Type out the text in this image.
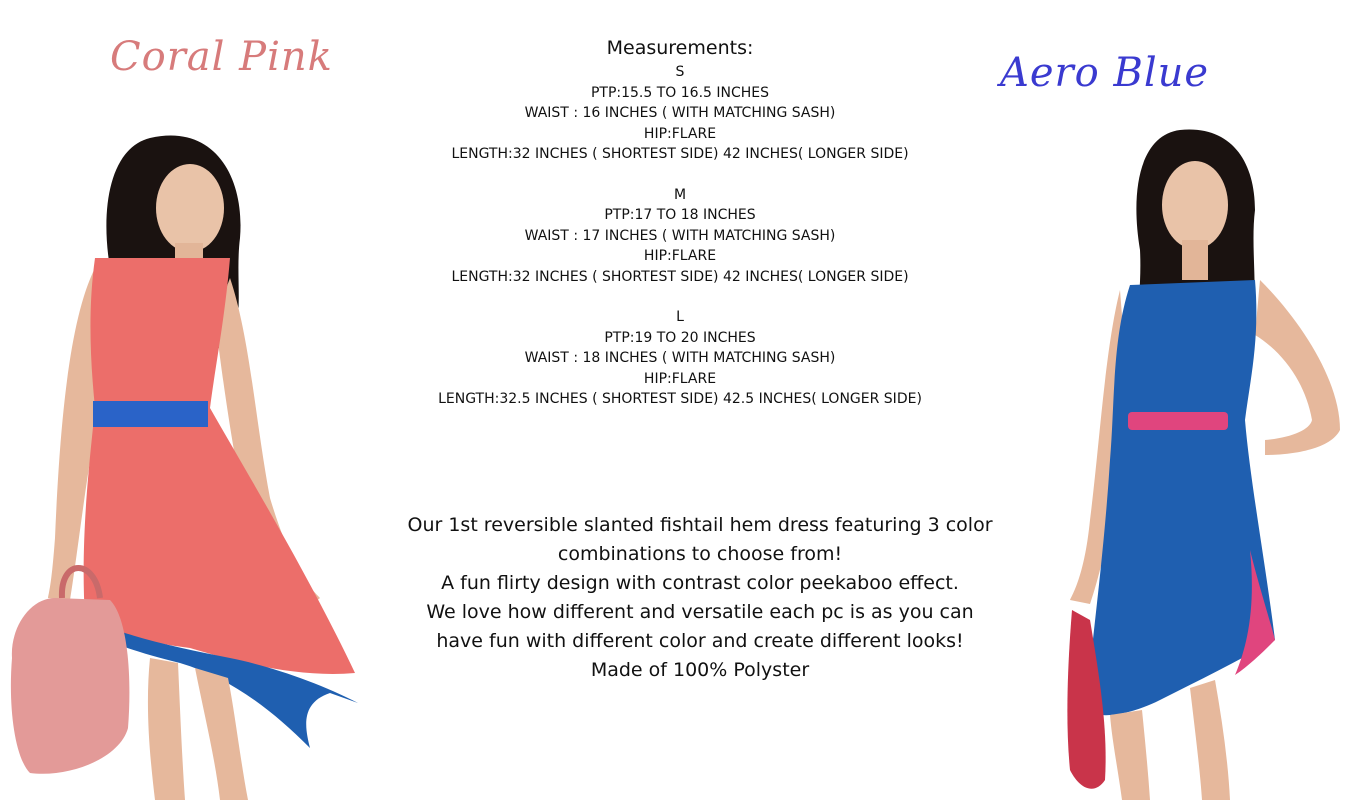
Coral Pink	Aero Blue
Measurements:
S
PTP:15.5 TO 16.5 INCHES
WAIST : 16 INCHES ( WITH MATCHING SASH)
HIP:FLARE
LENGTH:32 INCHES ( SHORTEST SIDE) 42 INCHES( LONGER SIDE)
M
PTP:17 TO 18 INCHES
WAIST : 17 INCHES ( WITH MATCHING SASH)
HIP:FLARE
LENGTH:32 INCHES ( SHORTEST SIDE) 42 INCHES( LONGER SIDE)
L
PTP:19 TO 20 INCHES
WAIST : 18 INCHES ( WITH MATCHING SASH)
HIP:FLARE
LENGTH:32.5 INCHES ( SHORTEST SIDE) 42.5 INCHES( LONGER SIDE)
Our 1st reversible slanted fishtail hem dress featuring 3 color
combinations to choose from!
A fun flirty design with contrast color peekaboo effect.
We love how different and versatile each pc is as you can
have fun with different color and create different looks!
Made of 100% Polyster
